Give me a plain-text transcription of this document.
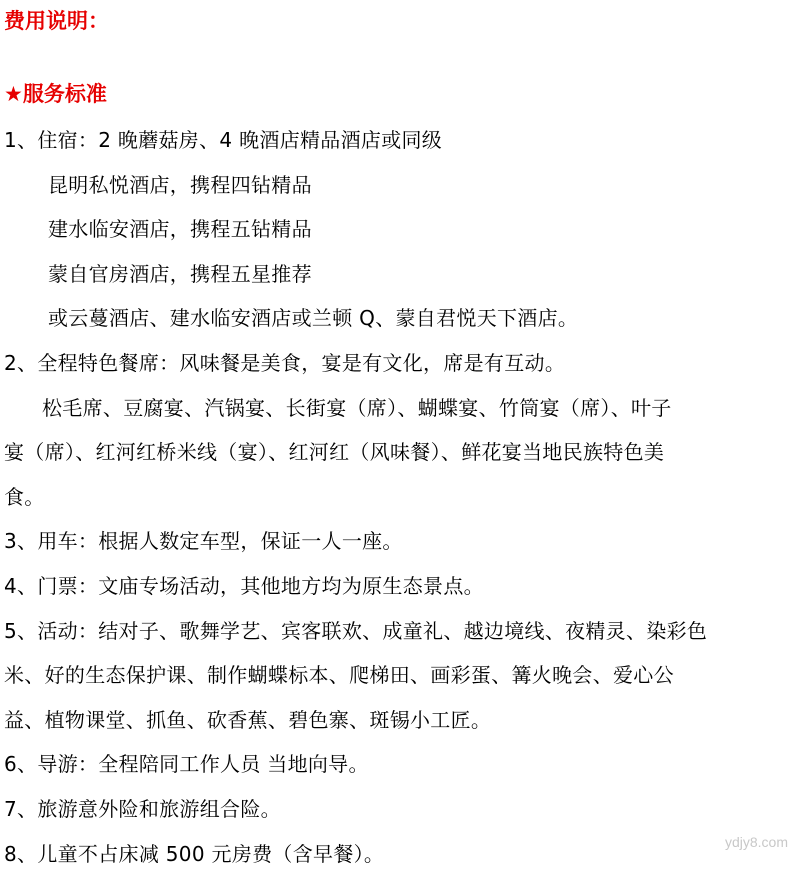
费用说明：

★服务标准

1、住宿：2 晚蘑菇房、4 晚酒店精品酒店或同级

昆明私悦酒店，携程四钻精品

建水临安酒店，携程五钻精品

蒙自官房酒店，携程五星推荐

或云蔓酒店、建水临安酒店或兰顿 Q、蒙自君悦天下酒店。

2、全程特色餐席：风味餐是美食，宴是有文化，席是有互动。

松毛席、豆腐宴、汽锅宴、长街宴（席）、蝴蝶宴、竹筒宴（席）、叶子

宴（席）、红河红桥米线（宴）、红河红（风味餐）、鲜花宴当地民族特色美

食。

3、用车：根据人数定车型，保证一人一座。

4、门票：文庙专场活动，其他地方均为原生态景点。

5、活动：结对子、歌舞学艺、宾客联欢、成童礼、越边境线、夜精灵、染彩色

米、好的生态保护课、制作蝴蝶标本、爬梯田、画彩蛋、篝火晚会、爱心公

益、植物课堂、抓鱼、砍香蕉、碧色寨、斑锡小工匠。

6、导游：全程陪同工作人员 当地向导。

7、旅游意外险和旅游组合险。

8、儿童不占床减 500 元房费（含早餐）。	ydjy8.com
